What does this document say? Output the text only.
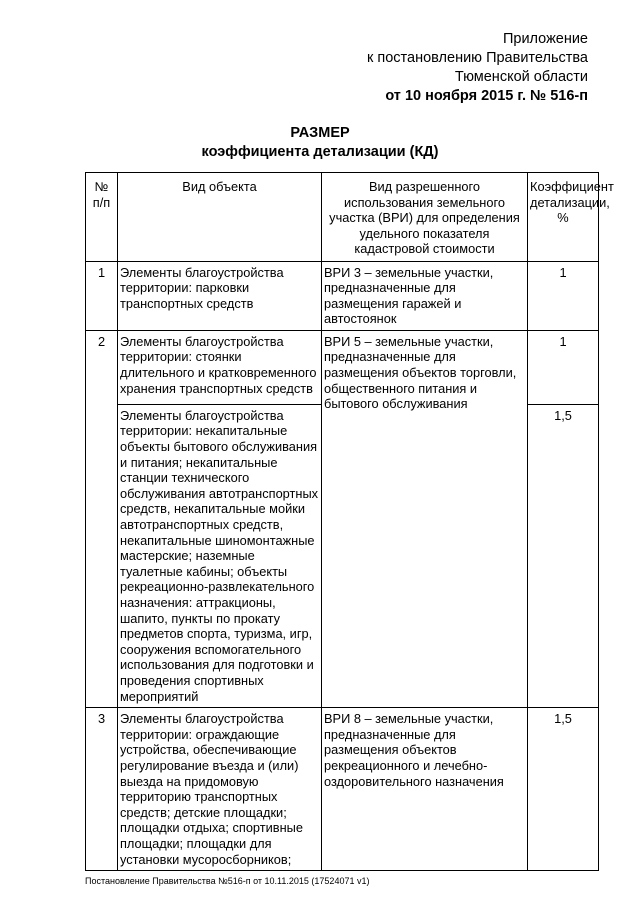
Приложение
к постановлению Правительства
Тюменской области
от 10 ноября 2015 г. № 516-п
РАЗМЕР
коэффициента детализации (КД)
№ п/п	Вид объекта	Вид разрешенного использования земельного участка (ВРИ) для определения удельного показателя кадастровой стоимости	Коэффициент детализации, %
1	Элементы благоустройства территории: парковки транспортных средств	ВРИ 3 – земельные участки, предназначенные для размещения гаражей и автостоянок	1
2	Элементы благоустройства территории: стоянки длительного и кратковременного хранения транспортных средств	ВРИ 5 – земельные участки, предназначенные для размещения объектов торговли, общественного питания и бытового обслуживания	1
	Элементы благоустройства территории: некапитальные объекты бытового обслуживания и питания; некапитальные станции технического обслуживания автотранспортных средств, некапитальные мойки автотранспортных средств, некапитальные шиномонтажные мастерские; наземные туалетные кабины; объекты рекреационно-развлекательного назначения: аттракционы, шапито, пункты по прокату предметов спорта, туризма, игр, сооружения вспомогательного использования для подготовки и проведения спортивных мероприятий		1,5
3	Элементы благоустройства территории: ограждающие устройства, обеспечивающие регулирование въезда и (или) выезда на придомовую территорию транспортных средств; детские площадки; площадки отдыха; спортивные площадки; площадки для установки мусоросборников;	ВРИ 8 – земельные участки, предназначенные для размещения объектов рекреационного и лечебно-оздоровительного назначения	1,5
Постановление Правительства №516-п от 10.11.2015 (17524071 v1)
